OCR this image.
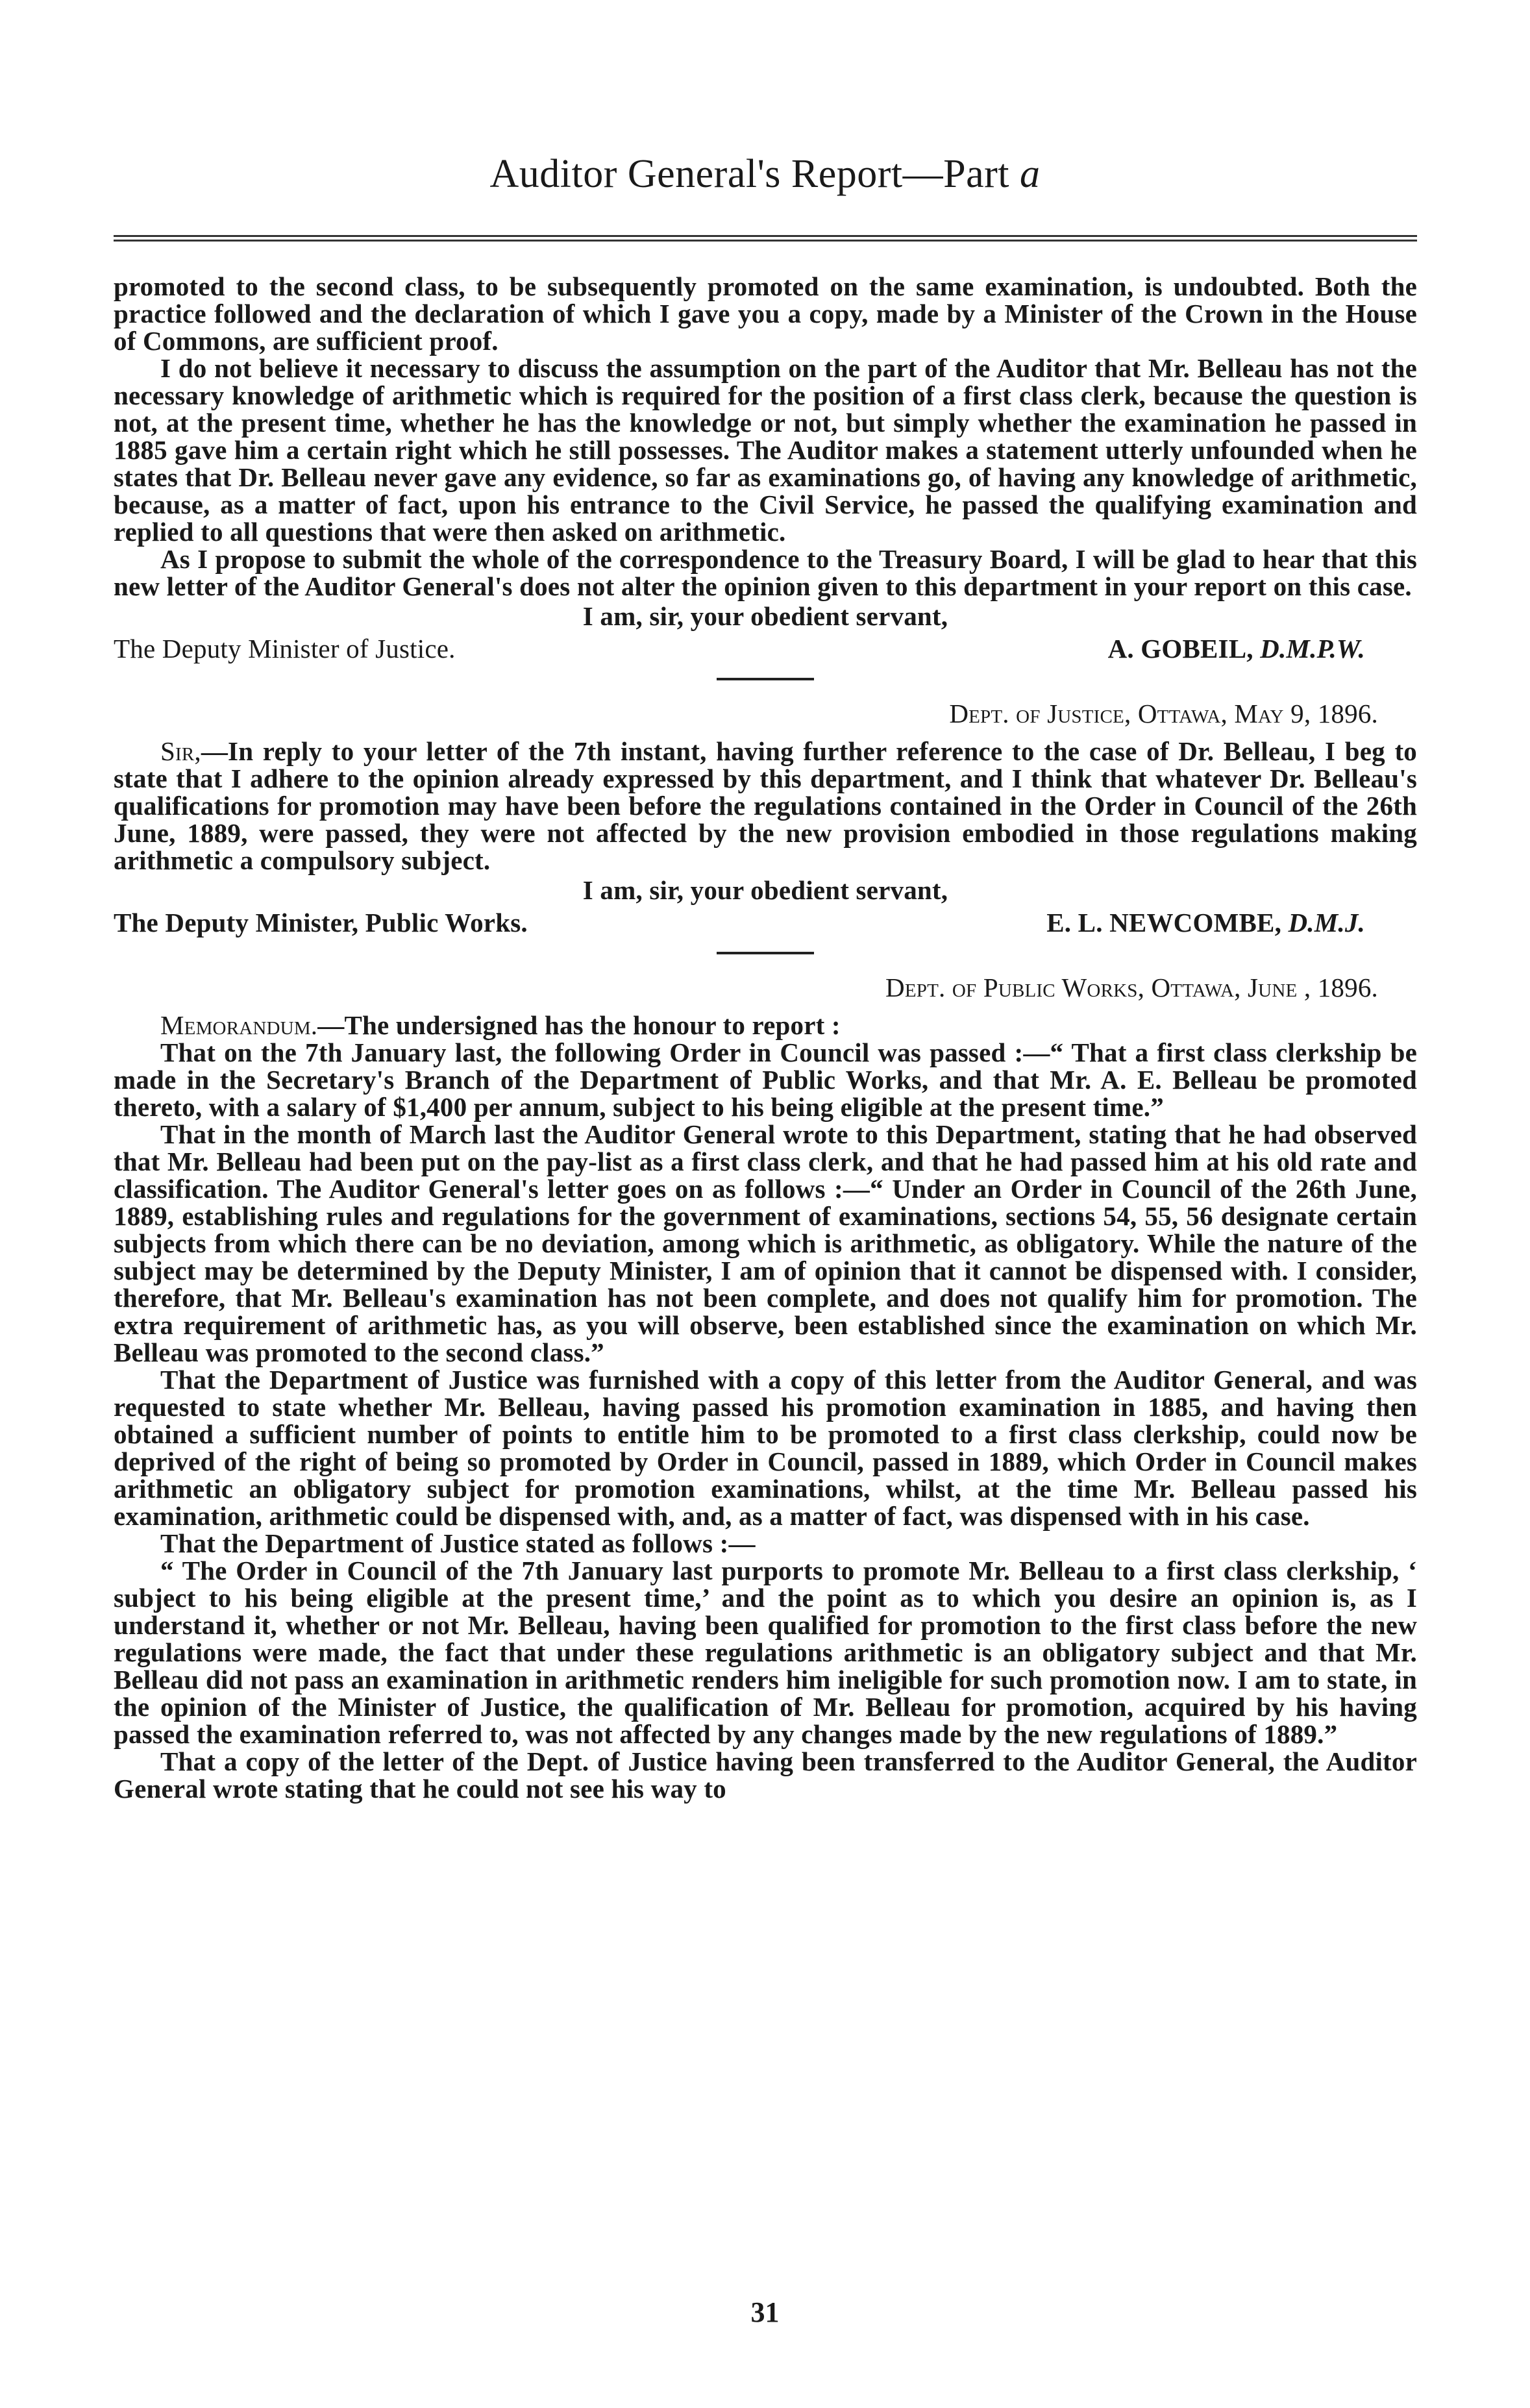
Auditor General's Report—Part a

promoted to the second class, to be subsequently promoted on the same examination, is undoubted. Both the practice followed and the declaration of which I gave you a copy, made by a Minister of the Crown in the House of Commons, are sufficient proof.

I do not believe it necessary to discuss the assumption on the part of the Auditor that Mr. Belleau has not the necessary knowledge of arithmetic which is required for the position of a first class clerk, because the question is not, at the present time, whether he has the knowledge or not, but simply whether the examination he passed in 1885 gave him a certain right which he still possesses. The Auditor makes a statement utterly unfounded when he states that Dr. Belleau never gave any evidence, so far as examinations go, of having any knowledge of arithmetic, because, as a matter of fact, upon his entrance to the Civil Service, he passed the qualifying examination and replied to all questions that were then asked on arithmetic.

As I propose to submit the whole of the correspondence to the Treasury Board, I will be glad to hear that this new letter of the Auditor General's does not alter the opinion given to this department in your report on this case.

I am, sir, your obedient servant,

The Deputy Minister of Justice.	A. GOBEIL, D.M.P.W.

Dept. of Justice, Ottawa, May 9, 1896.

Sir,—In reply to your letter of the 7th instant, having further reference to the case of Dr. Belleau, I beg to state that I adhere to the opinion already expressed by this department, and I think that whatever Dr. Belleau's qualifications for promotion may have been before the regulations contained in the Order in Council of the 26th June, 1889, were passed, they were not affected by the new provision embodied in those regulations making arithmetic a compulsory subject.

I am, sir, your obedient servant,

The Deputy Minister, Public Works.	E. L. NEWCOMBE, D.M.J.

Dept. of Public Works, Ottawa, June , 1896.

Memorandum.—The undersigned has the honour to report :

That on the 7th January last, the following Order in Council was passed :—“ That a first class clerkship be made in the Secretary's Branch of the Department of Public Works, and that Mr. A. E. Belleau be promoted thereto, with a salary of $1,400 per annum, subject to his being eligible at the present time.”

That in the month of March last the Auditor General wrote to this Department, stating that he had observed that Mr. Belleau had been put on the pay-list as a first class clerk, and that he had passed him at his old rate and classification. The Auditor General's letter goes on as follows :—“ Under an Order in Council of the 26th June, 1889, establishing rules and regulations for the government of examinations, sections 54, 55, 56 designate certain subjects from which there can be no deviation, among which is arithmetic, as obligatory. While the nature of the subject may be determined by the Deputy Minister, I am of opinion that it cannot be dispensed with. I consider, therefore, that Mr. Belleau's examination has not been complete, and does not qualify him for promotion. The extra requirement of arithmetic has, as you will observe, been established since the examination on which Mr. Belleau was promoted to the second class.”

That the Department of Justice was furnished with a copy of this letter from the Auditor General, and was requested to state whether Mr. Belleau, having passed his promotion examination in 1885, and having then obtained a sufficient number of points to entitle him to be promoted to a first class clerkship, could now be deprived of the right of being so promoted by Order in Council, passed in 1889, which Order in Council makes arithmetic an obligatory subject for promotion examinations, whilst, at the time Mr. Belleau passed his examination, arithmetic could be dispensed with, and, as a matter of fact, was dispensed with in his case.

That the Department of Justice stated as follows :—

“ The Order in Council of the 7th January last purports to promote Mr. Belleau to a first class clerkship, ‘ subject to his being eligible at the present time,’ and the point as to which you desire an opinion is, as I understand it, whether or not Mr. Belleau, having been qualified for promotion to the first class before the new regulations were made, the fact that under these regulations arithmetic is an obligatory subject and that Mr. Belleau did not pass an examination in arithmetic renders him ineligible for such promotion now. I am to state, in the opinion of the Minister of Justice, the qualification of Mr. Belleau for promotion, acquired by his having passed the examination referred to, was not affected by any changes made by the new regulations of 1889.”

That a copy of the letter of the Dept. of Justice having been transferred to the Auditor General, the Auditor General wrote stating that he could not see his way to

31
